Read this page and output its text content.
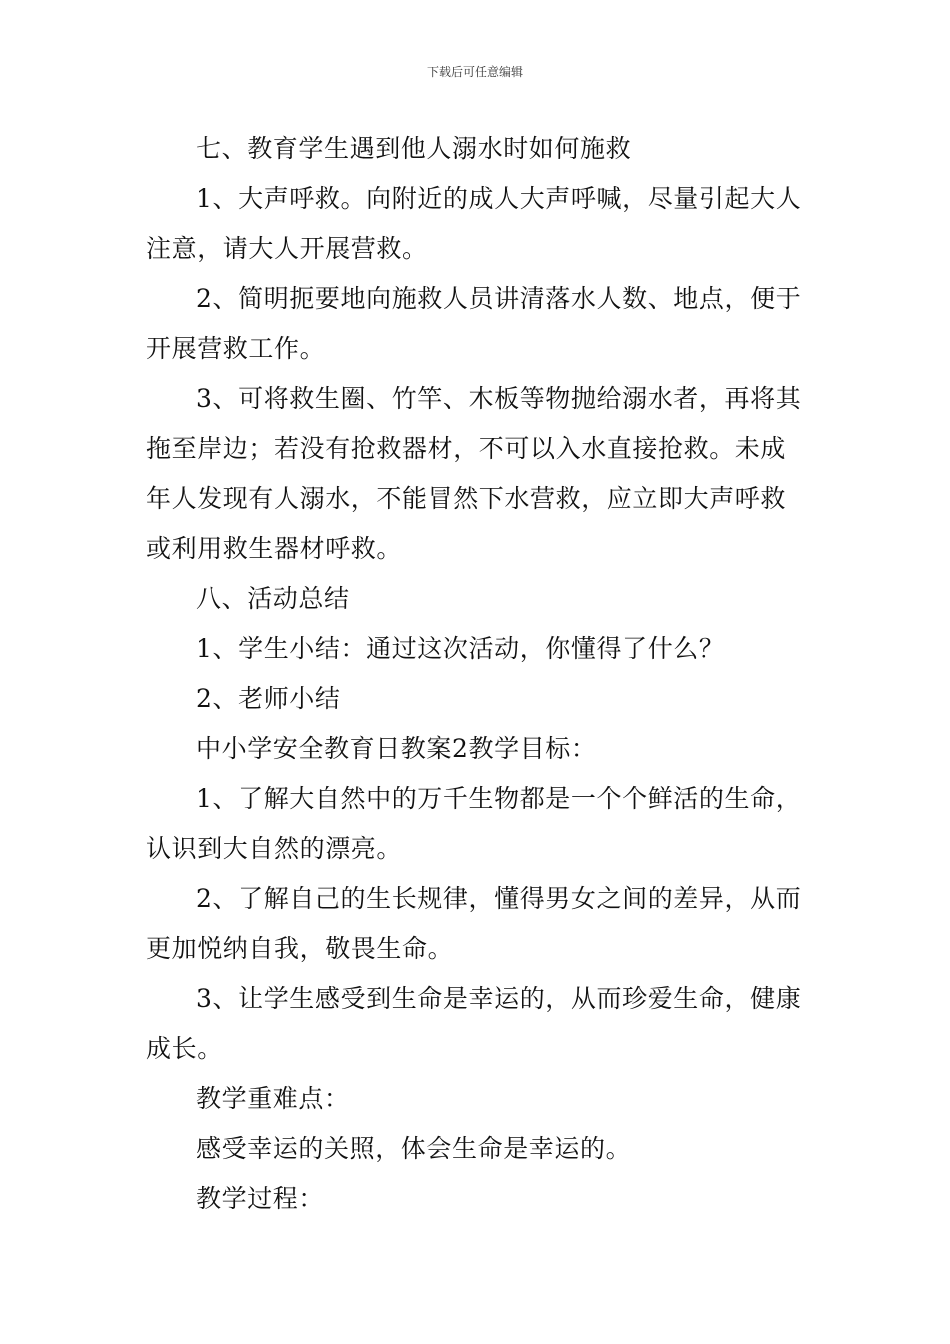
下载后可任意编辑

七、教育学生遇到他人溺水时如何施救

1、大声呼救。向附近的成人大声呼喊，尽量引起大人注意，请大人开展营救。

2、简明扼要地向施救人员讲清落水人数、地点，便于开展营救工作。

3、可将救生圈、竹竿、木板等物抛给溺水者，再将其拖至岸边；若没有抢救器材，不可以入水直接抢救。未成年人发现有人溺水，不能冒然下水营救，应立即大声呼救或利用救生器材呼救。

八、活动总结

1、学生小结：通过这次活动，你懂得了什么？

2、老师小结

中小学安全教育日教案2教学目标：

1、了解大自然中的万千生物都是一个个鲜活的生命，认识到大自然的漂亮。

2、了解自己的生长规律，懂得男女之间的差异，从而更加悦纳自我，敬畏生命。

3、让学生感受到生命是幸运的，从而珍爱生命，健康成长。

教学重难点：

感受幸运的关照，体会生命是幸运的。

教学过程：
